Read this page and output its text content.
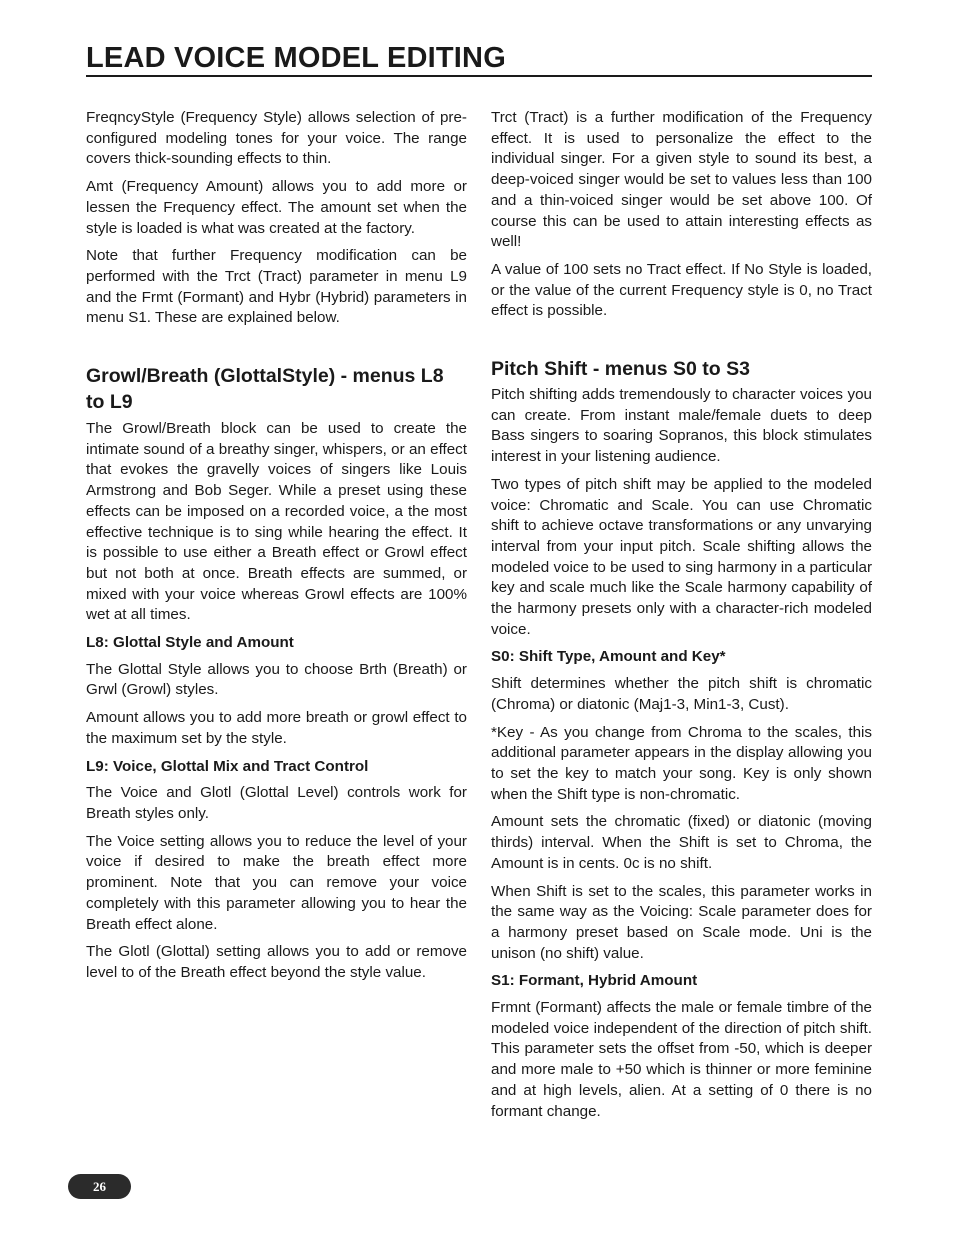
LEAD VOICE MODEL EDITING

FreqncyStyle (Frequency Style) allows selection of pre-configured modeling tones for your voice. The range covers thick-sounding effects to thin.

Amt (Frequency Amount) allows you to add more or lessen the Frequency effect. The amount set when the style is loaded is what was created at the factory.

Note that further Frequency modification can be performed with the Trct (Tract) parameter in menu L9 and the Frmt (Formant) and Hybr (Hybrid) parameters in menu S1. These are explained below.

Growl/Breath (GlottalStyle) - menus L8 to L9

The Growl/Breath block can be used to create the intimate sound of a breathy singer, whispers, or an effect that evokes the gravelly voices of singers like Louis Armstrong and Bob Seger. While a preset using these effects can be imposed on a recorded voice, a the most effective technique is to sing while hearing the effect. It is possible to use either a Breath effect or Growl effect but not both at once. Breath effects are summed, or mixed with your voice whereas Growl effects are 100% wet at all times.

L8: Glottal Style and Amount

The Glottal Style allows you to choose Brth (Breath) or Grwl (Growl) styles.

Amount allows you to add more breath or growl effect to the maximum set by the style.

L9: Voice, Glottal Mix and Tract Control

The Voice and Glotl (Glottal Level) controls work for Breath styles only.

The Voice setting allows you to reduce the level of your voice if desired to make the breath effect more prominent. Note that you can remove your voice completely with this parameter allowing you to hear the Breath effect alone.

The Glotl (Glottal) setting allows you to add or remove level to of the Breath effect beyond the style value.

Trct (Tract) is a further modification of the Frequency effect. It is used to personalize the effect to the individual singer. For a given style to sound its best, a deep-voiced singer would be set to values less than 100 and a thin-voiced singer would be set above 100. Of course this can be used to attain interesting effects as well!

A value of 100 sets no Tract effect. If No Style is loaded, or the value of the current Frequency style is 0, no Tract effect is possible.

Pitch Shift - menus S0 to S3

Pitch shifting adds tremendously to character voices you can create. From instant male/female duets to deep Bass singers to soaring Sopranos, this block stimulates interest in your listening audience.

Two types of pitch shift may be applied to the modeled voice: Chromatic and Scale. You can use Chromatic shift to achieve octave transformations or any unvarying interval from your input pitch. Scale shifting allows the modeled voice to be used to sing harmony in a particular key and scale much like the Scale harmony capability of the harmony presets only with a character-rich modeled voice.

S0: Shift Type, Amount and Key*

Shift determines whether the pitch shift is chromatic (Chroma) or diatonic (Maj1-3, Min1-3, Cust).

*Key - As you change from Chroma to the scales, this additional parameter appears in the display allowing you to set the key to match your song. Key is only shown when the Shift type is non-chromatic.

Amount sets the chromatic (fixed) or diatonic (moving thirds) interval. When the Shift is set to Chroma, the Amount is in cents. 0c is no shift.

When Shift is set to the scales, this parameter works in the same way as the Voicing: Scale parameter does for a harmony preset based on Scale mode. Uni is the unison (no shift) value.

S1: Formant, Hybrid Amount

Frmnt (Formant) affects the male or female timbre of the modeled voice independent of the direction of pitch shift. This parameter sets the offset from -50, which is deeper and more male to +50 which is thinner or more feminine and at high levels, alien. At a setting of 0 there is no formant change.

26
